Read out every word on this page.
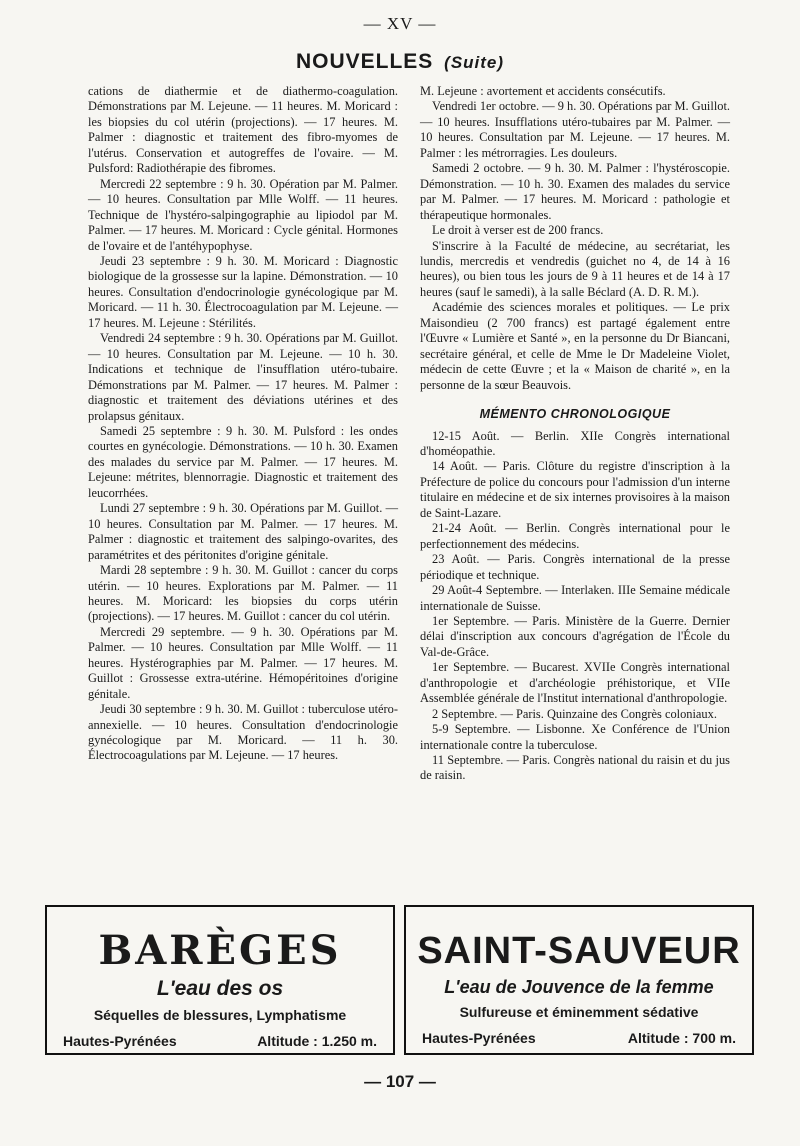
— XV —
NOUVELLES (Suite)

cations de diathermie et de diathermo-coagulation. Démonstrations par M. Lejeune. — 11 heures. M. Moricard : les biopsies du col utérin (projections). — 17 heures. M. Palmer : diagnostic et traitement des fibro-myomes de l'utérus. Conservation et autogreffes de l'ovaire. — M. Pulsford: Radiothérapie des fibromes.

Mercredi 22 septembre : 9 h. 30. Opération par M. Palmer. — 10 heures. Consultation par Mlle Wolff. — 11 heures. Technique de l'hystéro-salpingographie au lipiodol par M. Palmer. — 17 heures. M. Moricard : Cycle génital. Hormones de l'ovaire et de l'antéhypophyse.

Jeudi 23 septembre : 9 h. 30. M. Moricard : Diagnostic biologique de la grossesse sur la lapine. Démonstration. — 10 heures. Consultation d'endocrinologie gynécologique par M. Moricard. — 11 h. 30. Électrocoagulation par M. Lejeune. — 17 heures. M. Lejeune : Stérilités.

Vendredi 24 septembre : 9 h. 30. Opérations par M. Guillot. — 10 heures. Consultation par M. Lejeune. — 10 h. 30. Indications et technique de l'insufflation utéro-tubaire. Démonstrations par M. Palmer. — 17 heures. M. Palmer : diagnostic et traitement des déviations utérines et des prolapsus génitaux.

Samedi 25 septembre : 9 h. 30. M. Pulsford : les ondes courtes en gynécologie. Démonstrations. — 10 h. 30. Examen des malades du service par M. Palmer. — 17 heures. M. Lejeune: métrites, blennorragie. Diagnostic et traitement des leucorrhées.

Lundi 27 septembre : 9 h. 30. Opérations par M. Guillot. — 10 heures. Consultation par M. Palmer. — 17 heures. M. Palmer : diagnostic et traitement des salpingo-ovarites, des paramétrites et des péritonites d'origine génitale.

Mardi 28 septembre : 9 h. 30. M. Guillot : cancer du corps utérin. — 10 heures. Explorations par M. Palmer. — 11 heures. M. Moricard: les biopsies du corps utérin (projections). — 17 heures. M. Guillot : cancer du col utérin.

Mercredi 29 septembre. — 9 h. 30. Opérations par M. Palmer. — 10 heures. Consultation par Mlle Wolff. — 11 heures. Hystérographies par M. Palmer. — 17 heures. M. Guillot : Grossesse extra-utérine. Hémopéritoines d'origine génitale.

Jeudi 30 septembre : 9 h. 30. M. Guillot : tuberculose utéro-annexielle. — 10 heures. Consultation d'endocrinologie gynécologique par M. Moricard. — 11 h. 30. Électrocoagulations par M. Lejeune. — 17 heures.

M. Lejeune : avortement et accidents consécutifs.

Vendredi 1er octobre. — 9 h. 30. Opérations par M. Guillot. — 10 heures. Insufflations utéro-tubaires par M. Palmer. — 10 heures. Consultation par M. Lejeune. — 17 heures. M. Palmer : les métrorragies. Les douleurs.

Samedi 2 octobre. — 9 h. 30. M. Palmer : l'hystéroscopie. Démonstration. — 10 h. 30. Examen des malades du service par M. Palmer. — 17 heures. M. Moricard : pathologie et thérapeutique hormonales.

Le droit à verser est de 200 francs.

S'inscrire à la Faculté de médecine, au secrétariat, les lundis, mercredis et vendredis (guichet no 4, de 14 à 16 heures), ou bien tous les jours de 9 à 11 heures et de 14 à 17 heures (sauf le samedi), à la salle Béclard (A. D. R. M.).

Académie des sciences morales et politiques. — Le prix Maisondieu (2 700 francs) est partagé également entre l'Œuvre « Lumière et Santé », en la personne du Dr Biancani, secrétaire général, et celle de Mme le Dr Madeleine Violet, médecin de cette Œuvre ; et la « Maison de charité », en la personne de la sœur Beauvois.

MÉMENTO CHRONOLOGIQUE

12-15 Août. — Berlin. XIIe Congrès international d'homéopathie.

14 Août. — Paris. Clôture du registre d'inscription à la Préfecture de police du concours pour l'admission d'un interne titulaire en médecine et de six internes provisoires à la maison de Saint-Lazare.

21-24 Août. — Berlin. Congrès international pour le perfectionnement des médecins.

23 Août. — Paris. Congrès international de la presse périodique et technique.

29 Août-4 Septembre. — Interlaken. IIIe Semaine médicale internationale de Suisse.

1er Septembre. — Paris. Ministère de la Guerre. Dernier délai d'inscription aux concours d'agrégation de l'École du Val-de-Grâce.

1er Septembre. — Bucarest. XVIIe Congrès international d'anthropologie et d'archéologie préhistorique, et VIIe Assemblée générale de l'Institut international d'anthropologie.

2 Septembre. — Paris. Quinzaine des Congrès coloniaux.

5-9 Septembre. — Lisbonne. Xe Conférence de l'Union internationale contre la tuberculose.

11 Septembre. — Paris. Congrès national du raisin et du jus de raisin.

BARÈGES
L'eau des os
Séquelles de blessures, Lymphatisme
Hautes-Pyrénées	Altitude : 1.250 m.
SAINT-SAUVEUR
L'eau de Jouvence de la femme
Sulfureuse et éminemment sédative
Hautes-Pyrénées	Altitude : 700 m.
— 107 —
